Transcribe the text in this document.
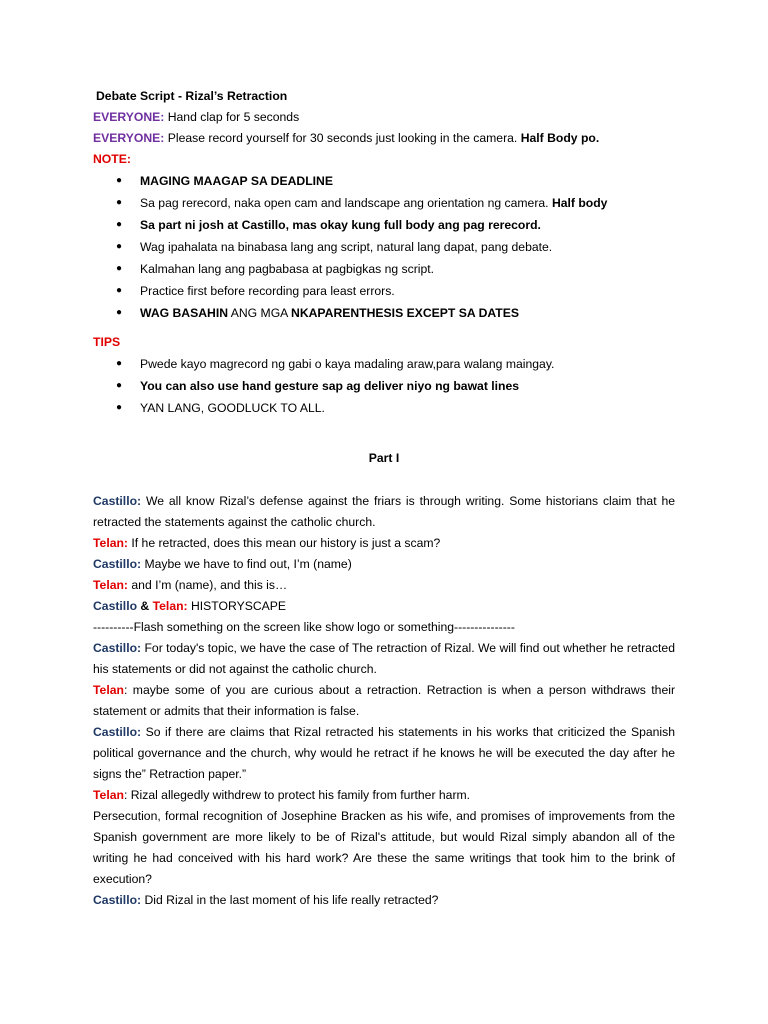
Debate Script - Rizal’s Retraction
EVERYONE: Hand clap for 5 seconds
EVERYONE: Please record yourself for 30 seconds just looking in the camera. Half Body po.
NOTE:
● MAGING MAAGAP SA DEADLINE
● Sa pag rerecord, naka open cam and landscape ang orientation ng camera. Half body
● Sa part ni josh at Castillo, mas okay kung full body ang pag rerecord.
● Wag ipahalata na binabasa lang ang script, natural lang dapat, pang debate.
● Kalmahan lang ang pagbabasa at pagbigkas ng script.
● Practice first before recording para least errors.
● WAG BASAHIN ANG MGA NKAPARENTHESIS EXCEPT SA DATES
TIPS
● Pwede kayo magrecord ng gabi o kaya madaling araw,para walang maingay.
● You can also use hand gesture sap ag deliver niyo ng bawat lines
● YAN LANG, GOODLUCK TO ALL.
Part I
Castillo: We all know Rizal’s defense against the friars is through writing. Some historians claim that he retracted the statements against the catholic church.
Telan: If he retracted, does this mean our history is just a scam?
Castillo: Maybe we have to find out, I’m (name)
Telan: and I’m (name), and this is…
Castillo & Telan: HISTORYSCAPE
----------Flash something on the screen like show logo or something---------------
Castillo: For today's topic, we have the case of The retraction of Rizal. We will find out whether he retracted his statements or did not against the catholic church.
Telan: maybe some of you are curious about a retraction. Retraction is when a person withdraws their statement or admits that their information is false.
Castillo: So if there are claims that Rizal retracted his statements in his works that criticized the Spanish political governance and the church, why would he retract if he knows he will be executed the day after he signs the” Retraction paper.”
Telan: Rizal allegedly withdrew to protect his family from further harm.
Persecution, formal recognition of Josephine Bracken as his wife, and promises of improvements from the Spanish government are more likely to be of Rizal's attitude, but would Rizal simply abandon all of the writing he had conceived with his hard work? Are these the same writings that took him to the brink of execution?
Castillo: Did Rizal in the last moment of his life really retracted?
